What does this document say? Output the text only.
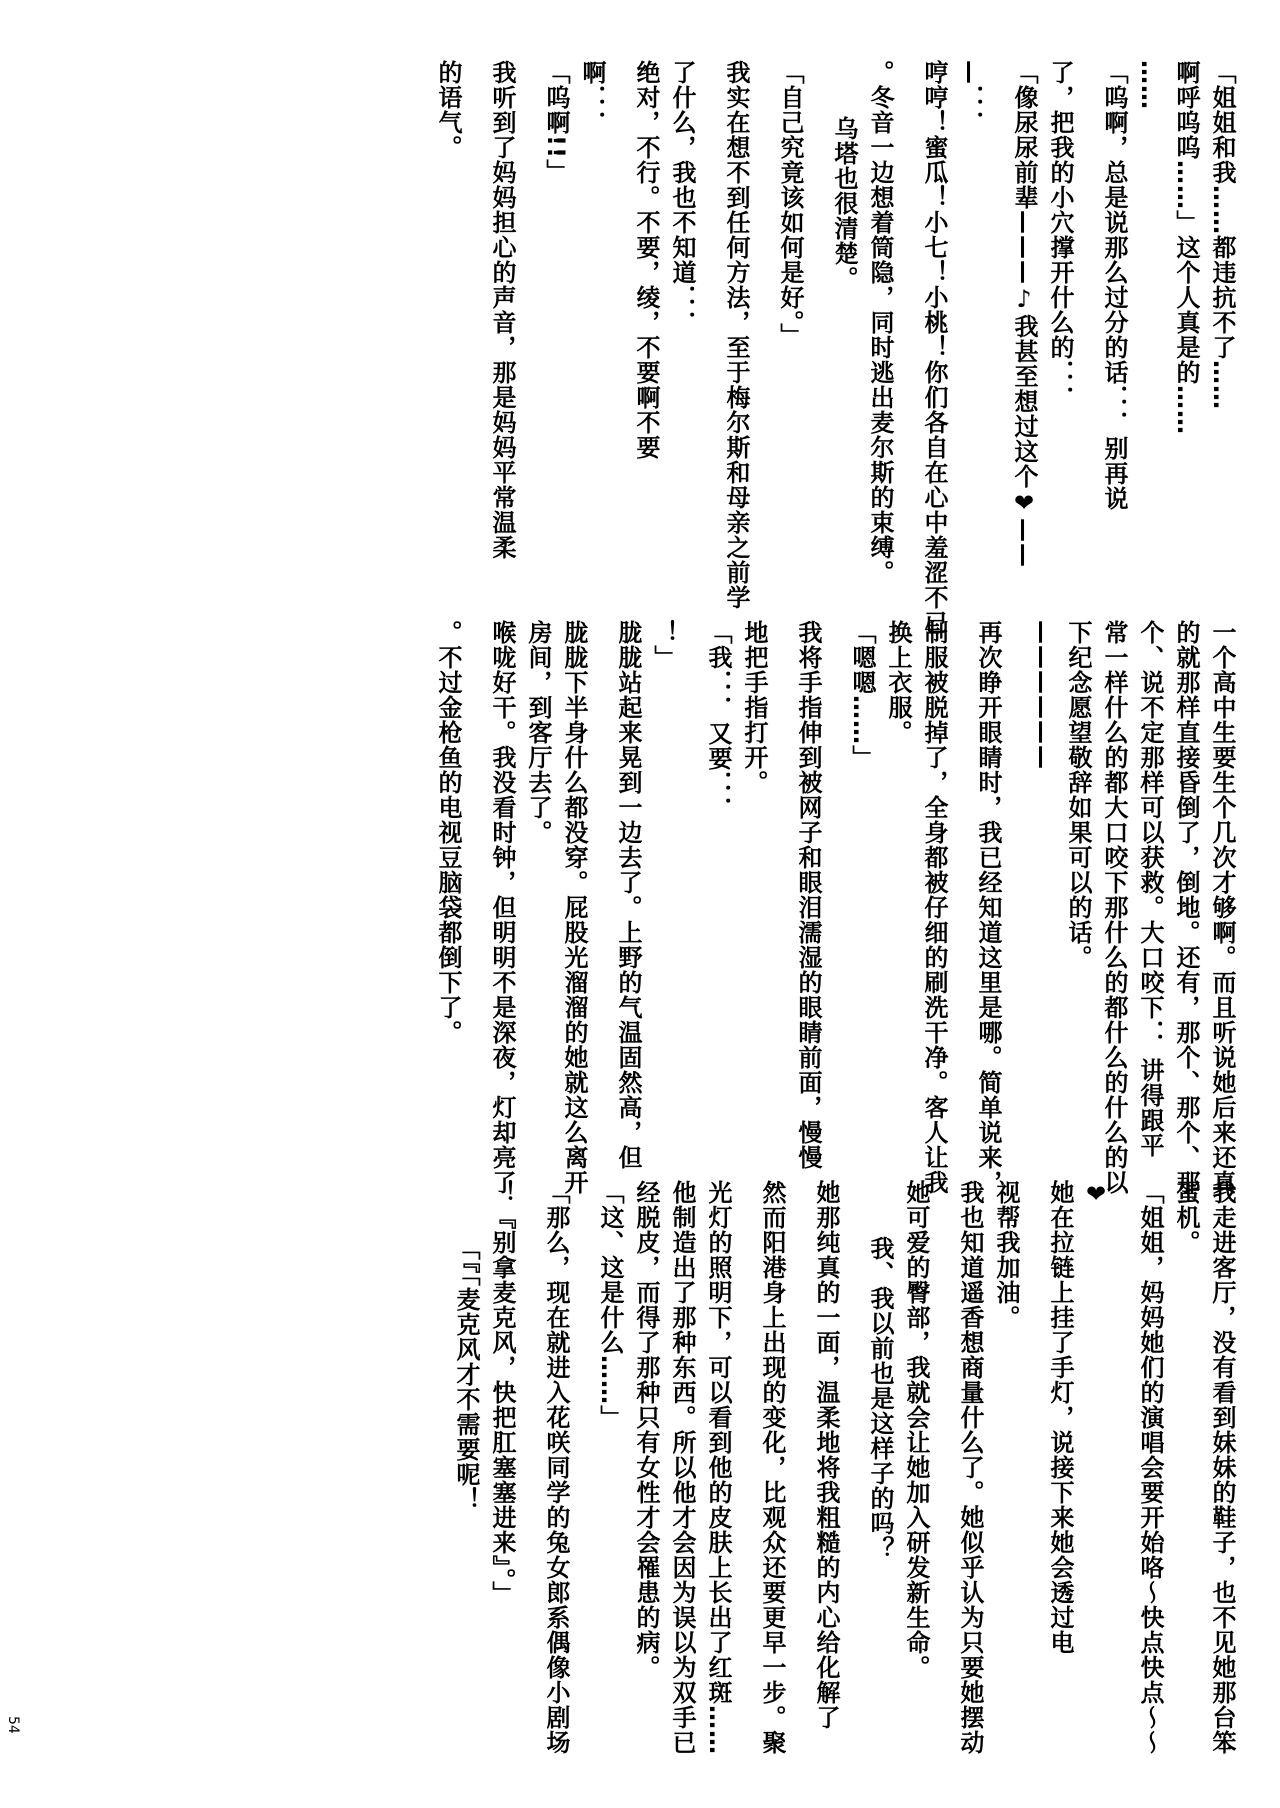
「姐姐和我……都违抗不了……
啊呼呜呜……」这个人真是的……
……
「呜啊，总是说那么过分的话．．．别再说
了，把我的小穴撑开什么的．．．
「像尿尿前辈———♪我甚至想过这个❤——
—．．．
哼哼！蜜瓜！小七！小桃！你们各自在心中羞涩不已
。冬音一边想着筒隐，同时逃出麦尔斯的束缚。
乌塔也很清楚。
「自己究竟该如何是好。」
我实在想不到任何方法，至于梅尔斯和母亲之前学
了什么，我也不知道．．．
绝对，不行。不要，绫，不要啊不要
啊．．．
「呜啊!!」
我听到了妈妈担心的声音，那是妈妈平常温柔
的语气。
一个高中生要生个几次才够啊。而且听说她后来还真
的就那样直接昏倒了，倒地。还有，那个、那个、那
个、说不定那样可以获救。大口咬下．．讲得跟平
常一样什么的都大口咬下那什么的都什么的什么的以
下纪念愿望敬辞如果可以的话。
——————
再次睁开眼睛时，我已经知道这里是哪。简单说来，
制服被脱掉了，全身都被仔细的刷洗干净。客人让我
换上衣服。
「嗯嗯……」
我将手指伸到被网子和眼泪濡湿的眼睛前面，慢慢
地把手指打开。
「我．．．又要．．．
！」
胧胧站起来晃到一边去了。上野的气温固然高，但
胧胧下半身什么都没穿。屁股光溜溜的她就这么离开
房间，到客厅去了。
喉咙好干。我没看时钟，但明明不是深夜，灯却亮了
。不过金枪鱼的电视豆脑袋都倒下了。
我走进客厅，没有看到妹妹的鞋子，也不见她那台笨
蛋机。
「姐姐，妈妈她们的演唱会要开始咯～快点快点～～
❤
她在拉链上挂了手灯，说接下来她会透过电
视帮我加油。
我也知道遥香想商量什么了。她似乎认为只要她摆动
她可爱的臀部，我就会让她加入研发新生命。
我、我以前也是这样子的吗？
她那纯真的一面，温柔地将我粗糙的内心给化解了
然而阳港身上出现的变化，比观众还要更早一步。聚
光灯的照明下，可以看到他的皮肤上长出了红斑……
他制造出了那种东西。所以他才会因为误以为双手已
经脱皮，而得了那种只有女性才会罹患的病。
「这、这是什么……」
「那么，现在就进入花咲同学的兔女郎系偶像小剧场
！『别拿麦克风，快把肛塞塞进来』。」
「『「麦克风才不需要呢！
54
